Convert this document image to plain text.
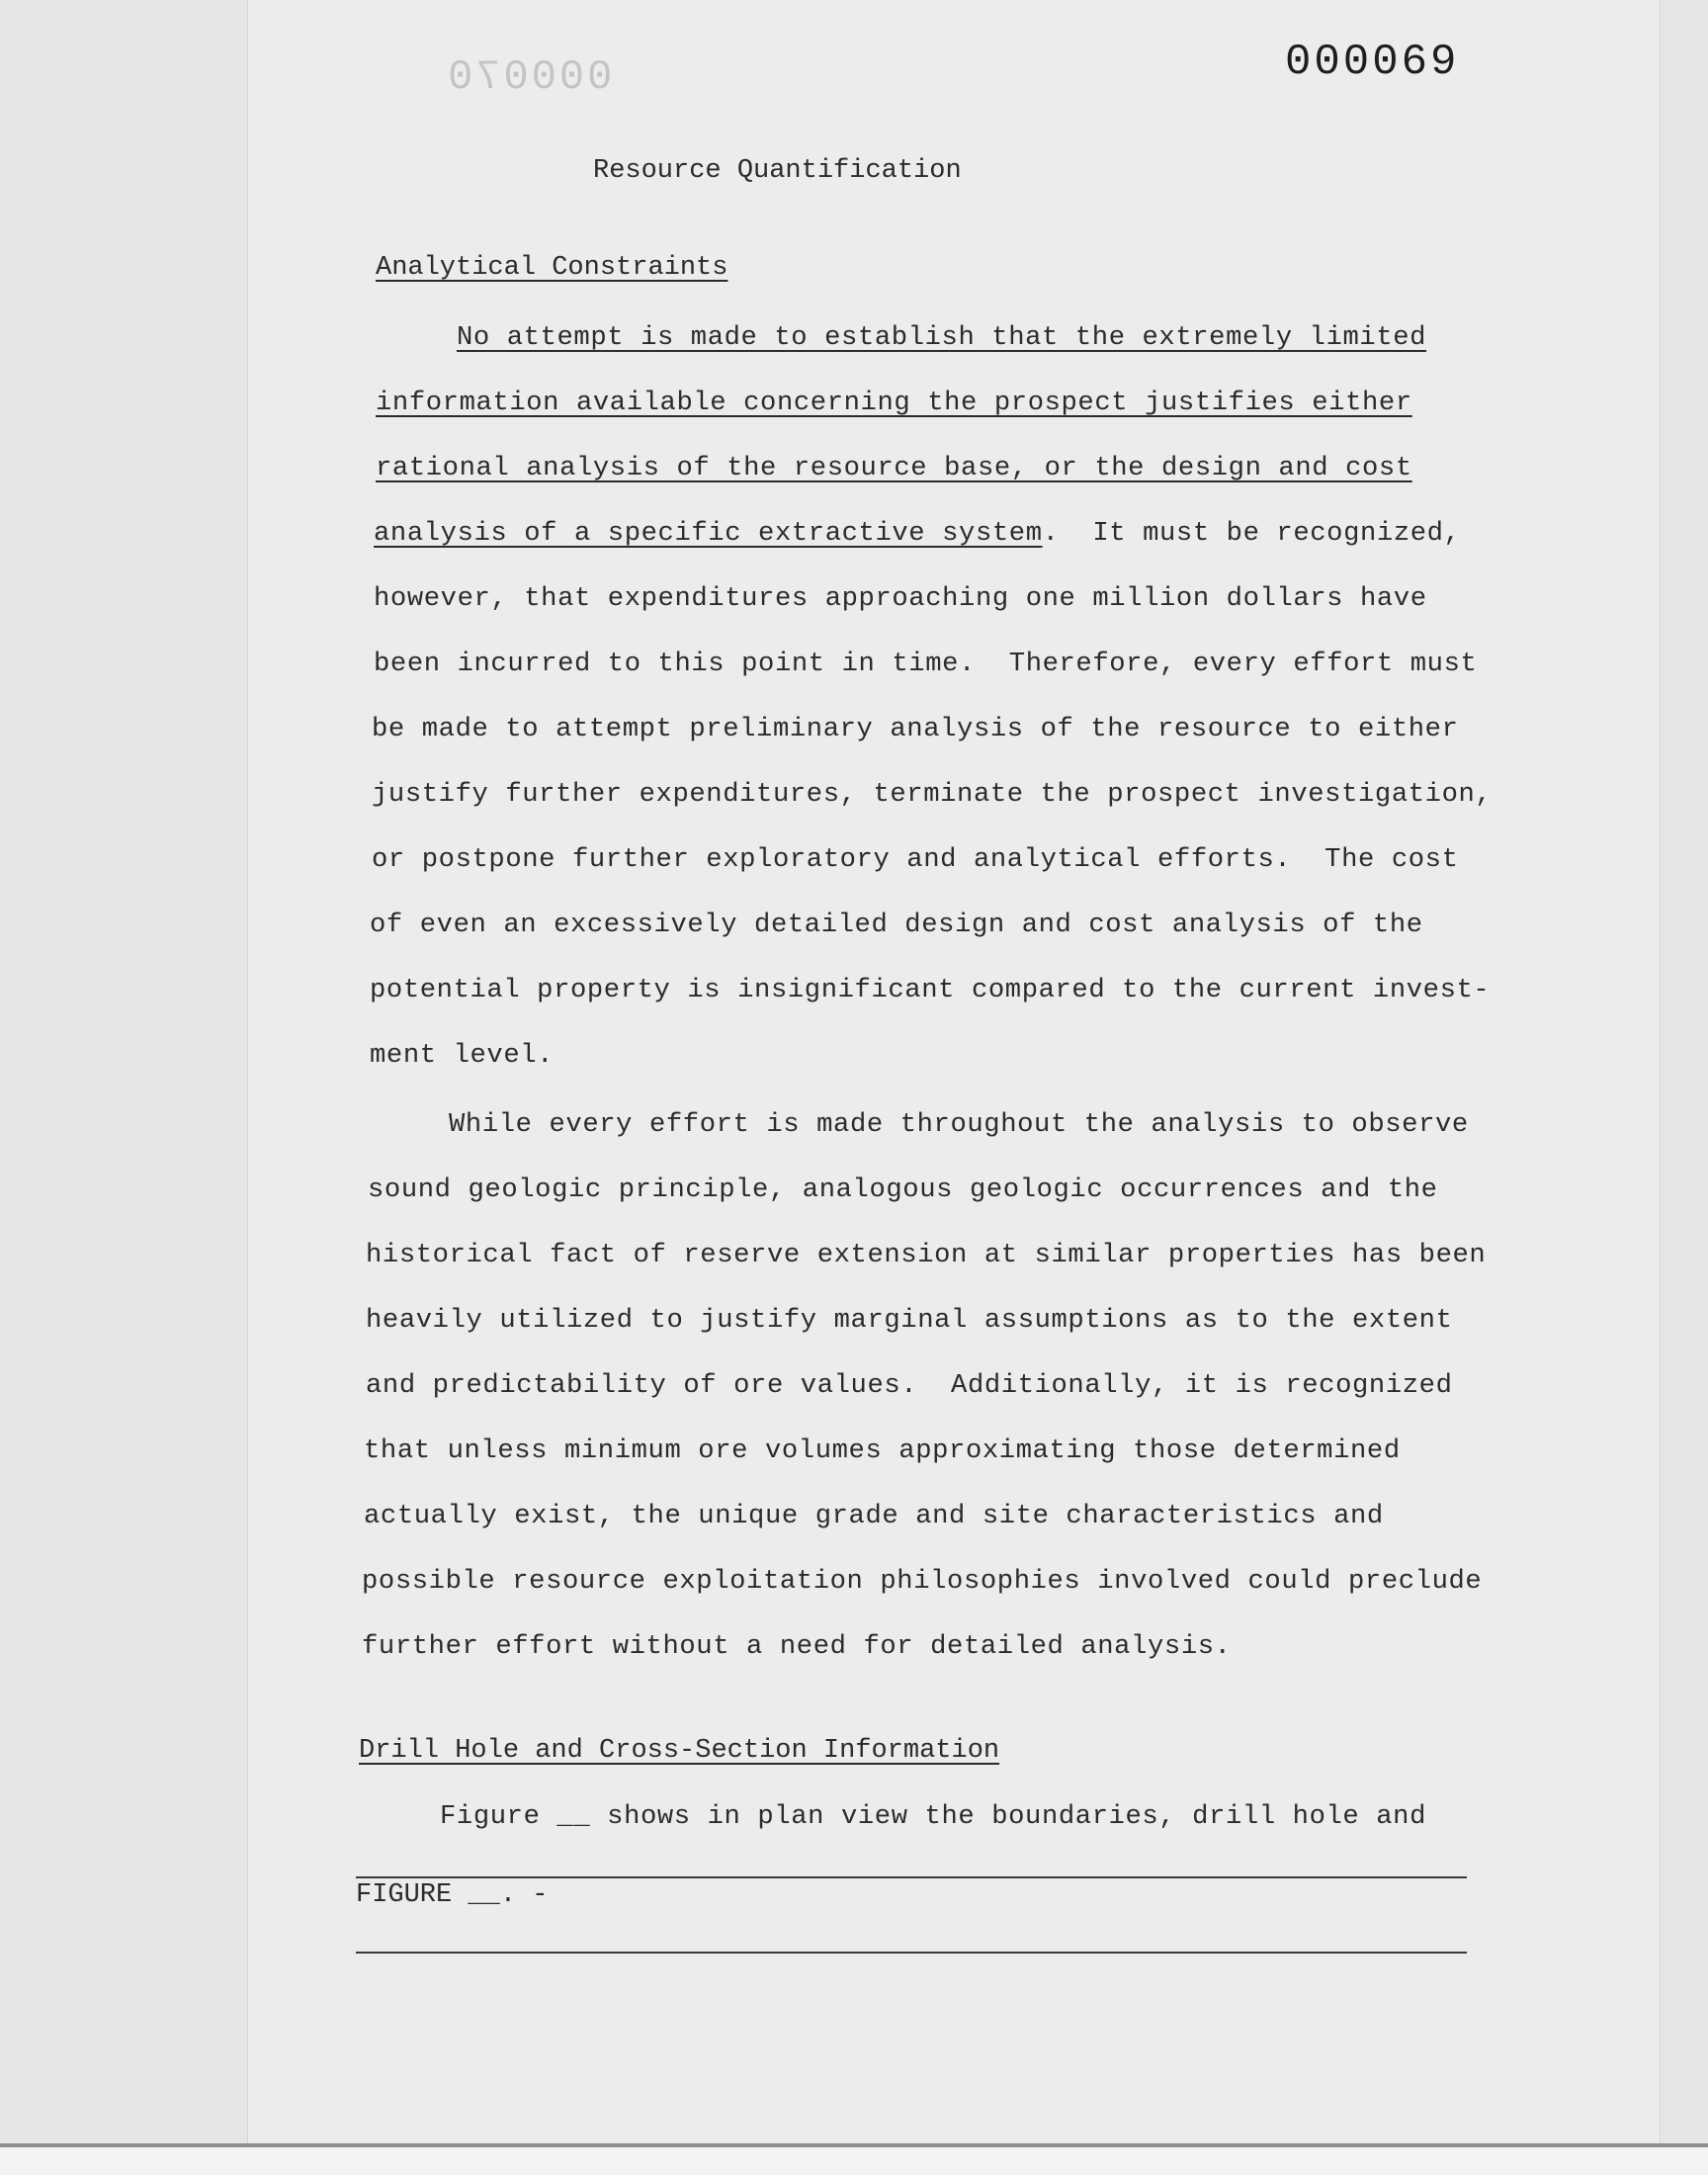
000070	000069
Resource Quantification
Analytical Constraints
No attempt is made to establish that the extremely limited
information available concerning the prospect justifies either
rational analysis of the resource base, or the design and cost
analysis of a specific extractive system.  It must be recognized,
however, that expenditures approaching one million dollars have
been incurred to this point in time.  Therefore, every effort must
be made to attempt preliminary analysis of the resource to either
justify further expenditures, terminate the prospect investigation,
or postpone further exploratory and analytical efforts.  The cost
of even an excessively detailed design and cost analysis of the
potential property is insignificant compared to the current invest-
ment level.
While every effort is made throughout the analysis to observe
sound geologic principle, analogous geologic occurrences and the
historical fact of reserve extension at similar properties has been
heavily utilized to justify marginal assumptions as to the extent
and predictability of ore values.  Additionally, it is recognized
that unless minimum ore volumes approximating those determined
actually exist, the unique grade and site characteristics and
possible resource exploitation philosophies involved could preclude
further effort without a need for detailed analysis.
Drill Hole and Cross-Section Information
Figure __ shows in plan view the boundaries, drill hole and
FIGURE __. -
